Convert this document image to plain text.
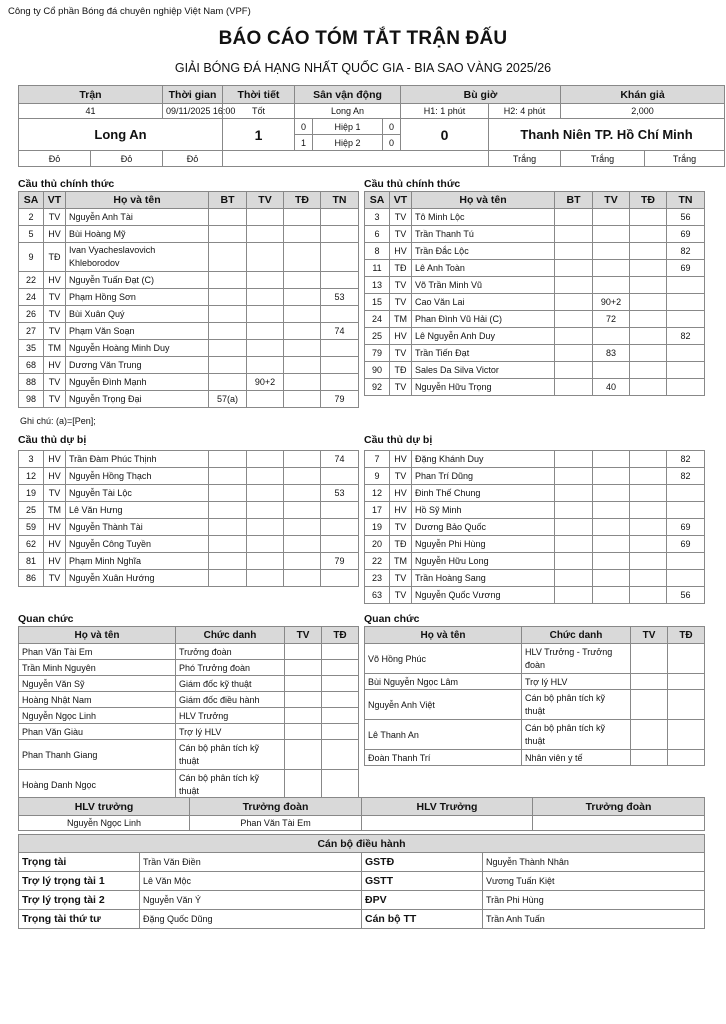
Công ty Cổ phần Bóng đá chuyên nghiệp Việt Nam (VPF)
BÁO CÁO TÓM TẮT TRẬN ĐẤU
GIẢI BÓNG ĐÁ HẠNG NHẤT QUỐC GIA - BIA SAO VÀNG 2025/26
Trận		Thời gian	Thời tiết	Sân vận động			Bù giờ		Khán giả	
41		09/11/2025 16:00	Tốt	Long An			H1: 1 phút	H2: 4 phút	2,000	
Long An			1	0	Hiệp 1	0	0	Thanh Niên TP. Hồ Chí Minh		
				1	Hiệp 2	0				
Đỏ	Đỏ	Đỏ						Trắng	Trắng	Trắng
Cầu thủ chính thức	Cầu thủ chính thức
SA	VT	Họ và tên	BT	TV	TĐ	TN
2	TV	Nguyễn Anh Tài				
5	HV	Bùi Hoàng Mỹ				
9	TĐ	Ivan Vyacheslavovich Khleborodov				
22	HV	Nguyễn Tuấn Đạt (C)				
24	TV	Phạm Hồng Sơn				53
26	TV	Bùi Xuân Quý				
27	TV	Phạm Văn Soạn				74
35	TM	Nguyễn Hoàng Minh Duy				
68	HV	Dương Văn Trung				
88	TV	Nguyễn Đình Mạnh		90+2		
98	TV	Nguyễn Trọng Đại	57(a)			79
SA	VT	Họ và tên	BT	TV	TĐ	TN
3	TV	Tô Minh Lộc				56
6	TV	Trần Thanh Tú				69
8	HV	Trần Đắc Lộc				82
11	TĐ	Lê Anh Toàn				69
13	TV	Võ Trần Minh Vũ				
15	TV	Cao Văn Lai		90+2		
24	TM	Phan Đình Vũ Hải (C)		72		
25	HV	Lê Nguyễn Anh Duy				82
79	TV	Trần Tiến Đạt		83		
90	TĐ	Sales Da Silva Victor				
92	TV	Nguyễn Hữu Trọng		40		
Ghi chú: (a)=[Pen];
Cầu thủ dự bị	Cầu thủ dự bị
3	HV	Trần Đàm Phúc Thịnh				74
12	HV	Nguyễn Hồng Thạch				
19	TV	Nguyễn Tài Lộc				53
25	TM	Lê Văn Hưng				
59	HV	Nguyễn Thành Tài				
62	HV	Nguyễn Công Tuyền				
81	HV	Phạm Minh Nghĩa				79
86	TV	Nguyễn Xuân Hướng				
7	HV	Đặng Khánh Duy				82
9	TV	Phan Trí Dũng				82
12	HV	Đinh Thế Chung				
17	HV	Hồ Sỹ Minh				
19	TV	Dương Bảo Quốc				69
20	TĐ	Nguyễn Phi Hùng				69
22	TM	Nguyễn Hữu Long				
23	TV	Trần Hoàng Sang				
63	TV	Nguyễn Quốc Vương				56
Quan chức	Quan chức
Họ và tên	Chức danh	TV	TĐ
Phan Văn Tài Em	Trưởng đoàn		
Trần Minh Nguyên	Phó Trưởng đoàn		
Nguyễn Văn Sỹ	Giám đốc kỹ thuật		
Hoàng Nhật Nam	Giám đốc điều hành		
Nguyễn Ngọc Linh	HLV Trưởng		
Phan Văn Giàu	Trợ lý HLV		
Phan Thanh Giang	Cán bộ phân tích kỹ thuật		
Hoàng Danh Ngọc	Cán bộ phân tích kỹ thuật		

Họ và tên	Chức danh	TV	TĐ
Võ Hồng Phúc	HLV Trưởng - Trưởng đoàn		
Bùi Nguyễn Ngọc Lâm	Trợ lý HLV		
Nguyễn Anh Việt	Cán bộ phân tích kỹ thuật		
Lê Thanh An	Cán bộ phân tích kỹ thuật		
Đoàn Thanh Trí	Nhân viên y tế		
HLV trưởng	Trưởng đoàn	HLV Trưởng	Trưởng đoàn
Nguyễn Ngọc Linh	Phan Văn Tài Em		
Cán bộ điều hành			
Trọng tài	Trần Văn Điền	GSTĐ	Nguyễn Thành Nhân
Trợ lý trọng tài 1	Lê Văn Mộc	GSTT	Vương Tuấn Kiệt
Trợ lý trọng tài 2	Nguyễn Văn Ý	ĐPV	Trần Phi Hùng
Trọng tài thứ tư	Đặng Quốc Dũng	Cán bộ TT	Trần Anh Tuấn
